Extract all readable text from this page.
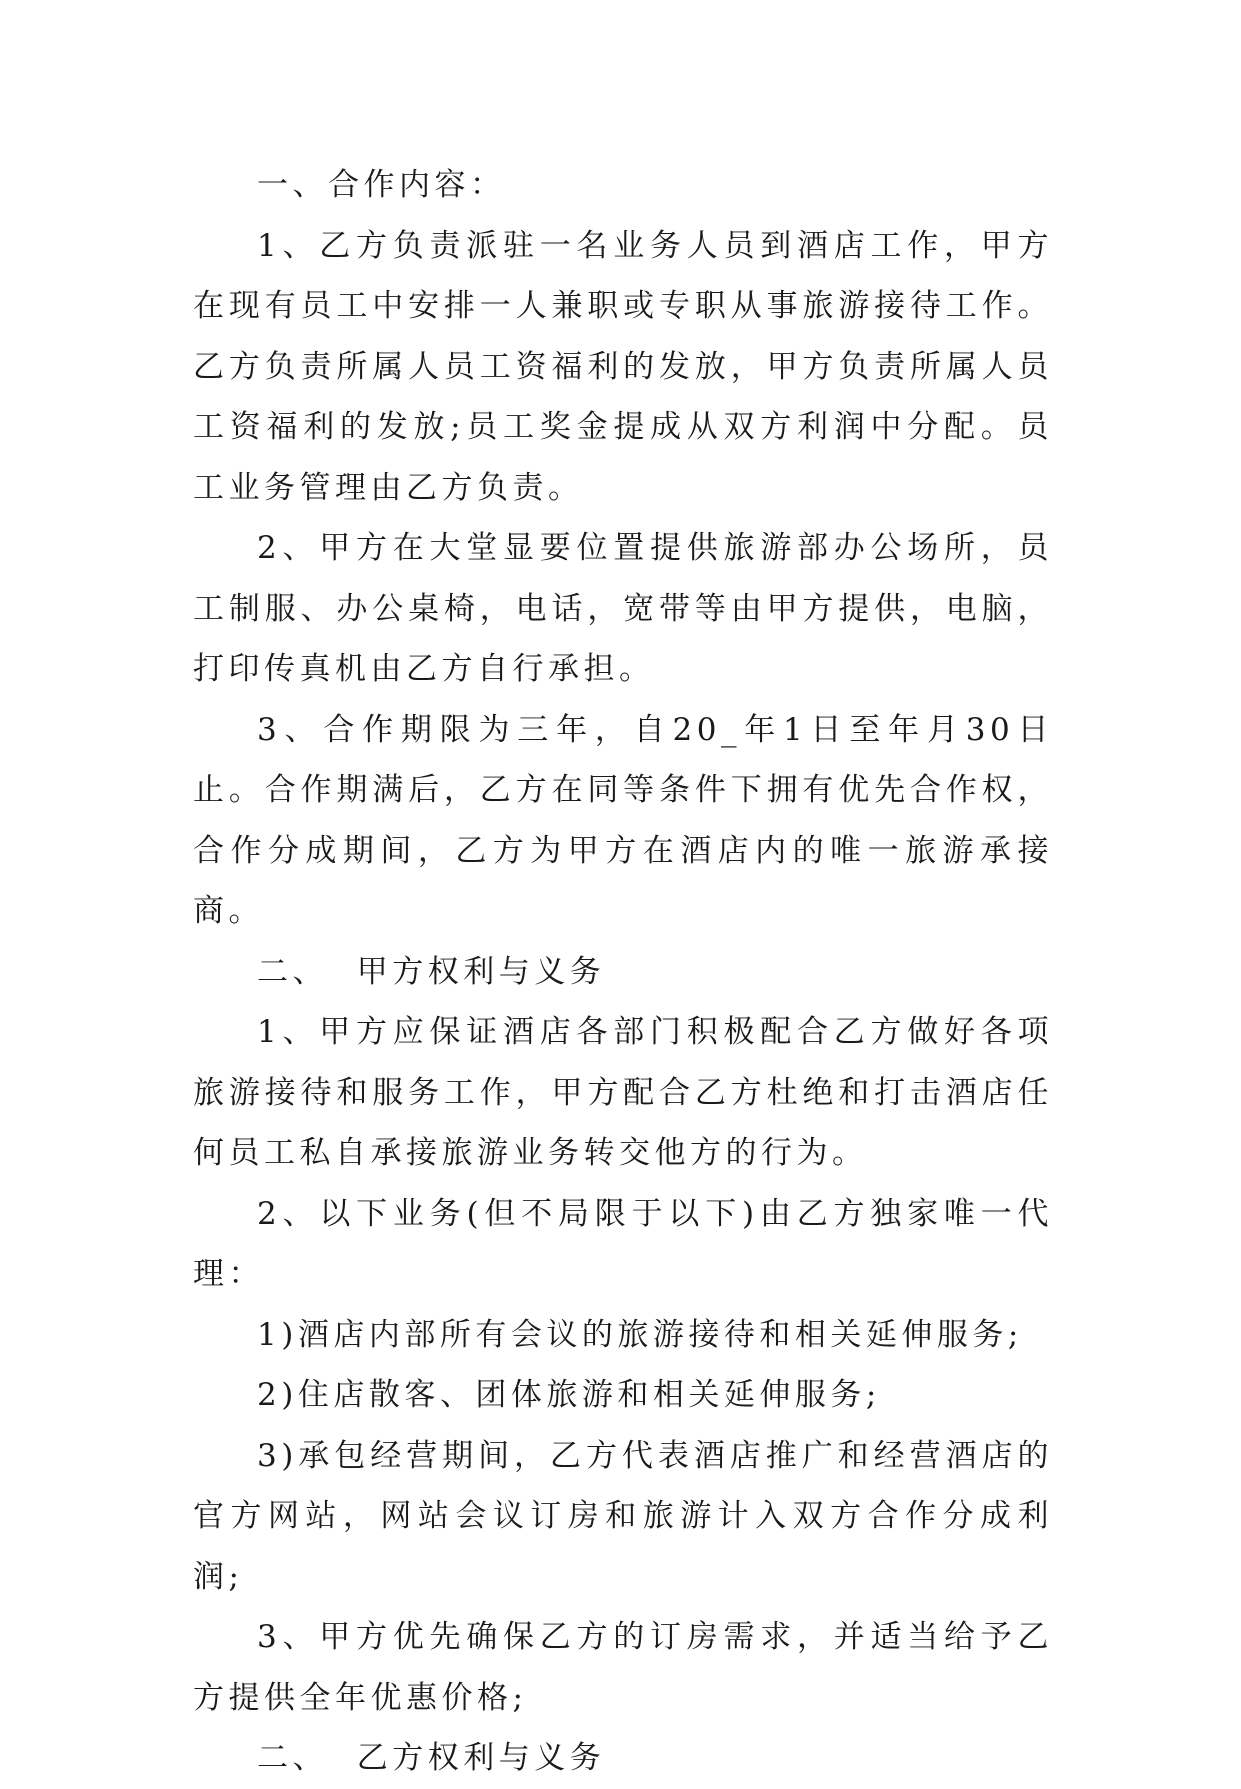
一、合作内容：

1、乙方负责派驻一名业务人员到酒店工作，甲方在现有员工中安排一人兼职或专职从事旅游接待工作。乙方负责所属人员工资福利的发放，甲方负责所属人员工资福利的发放;员工奖金提成从双方利润中分配。员工业务管理由乙方负责。

2、甲方在大堂显要位置提供旅游部办公场所，员工制服、办公桌椅，电话，宽带等由甲方提供，电脑，打印传真机由乙方自行承担。

3、合作期限为三年，自20_年1日至年月30日止。合作期满后，乙方在同等条件下拥有优先合作权，合作分成期间，乙方为甲方在酒店内的唯一旅游承接商。

二、  甲方权利与义务

1、甲方应保证酒店各部门积极配合乙方做好各项旅游接待和服务工作，甲方配合乙方杜绝和打击酒店任何员工私自承接旅游业务转交他方的行为。

2、以下业务(但不局限于以下)由乙方独家唯一代理：

1)酒店内部所有会议的旅游接待和相关延伸服务;

2)住店散客、团体旅游和相关延伸服务;

3)承包经营期间，乙方代表酒店推广和经营酒店的官方网站，网站会议订房和旅游计入双方合作分成利润;

3、甲方优先确保乙方的订房需求，并适当给予乙方提供全年优惠价格;

二、  乙方权利与义务
